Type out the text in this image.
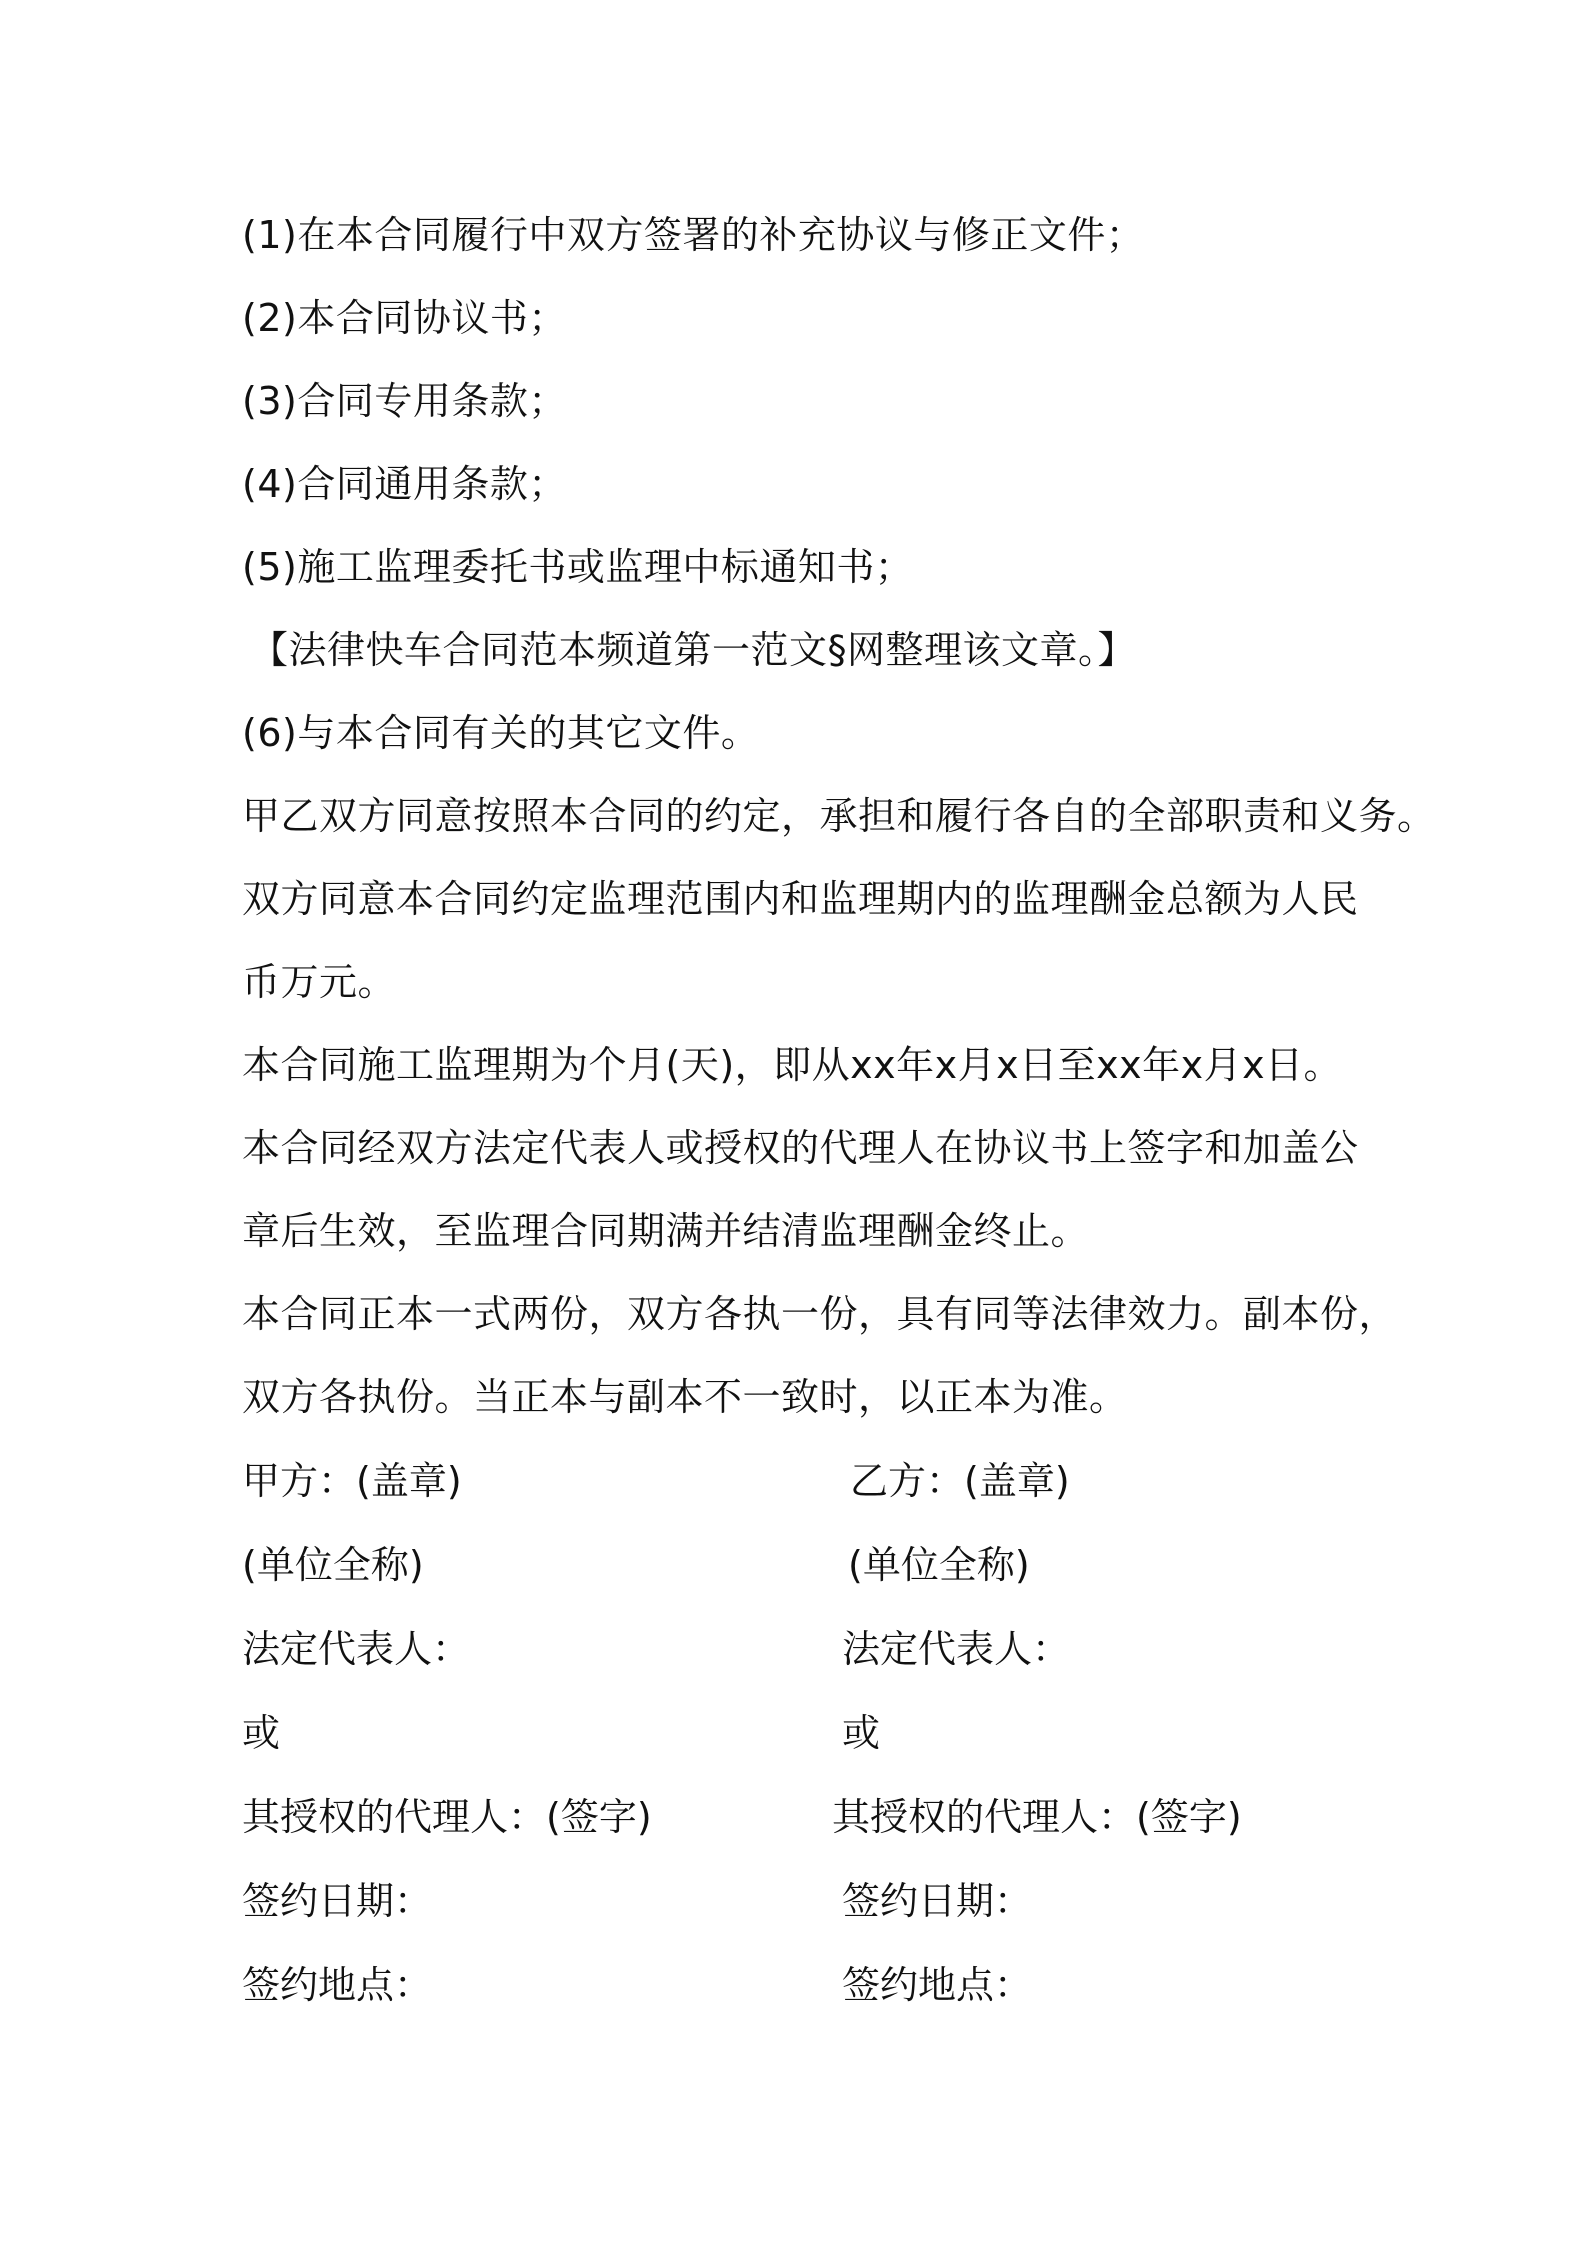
(1)在本合同履行中双方签署的补充协议与修正文件；
(2)本合同协议书；
(3)合同专用条款；
(4)合同通用条款；
(5)施工监理委托书或监理中标通知书；
【法律快车合同范本频道第一范文§网整理该文章。】
(6)与本合同有关的其它文件。
甲乙双方同意按照本合同的约定，承担和履行各自的全部职责和义务。
双方同意本合同约定监理范围内和监理期内的监理酬金总额为人民
币万元。
本合同施工监理期为个月(天)，即从xx年x月x日至xx年x月x日。
本合同经双方法定代表人或授权的代理人在协议书上签字和加盖公
章后生效，至监理合同期满并结清监理酬金终止。
本合同正本一式两份，双方各执一份，具有同等法律效力。副本份，
双方各执份。当正本与副本不一致时，以正本为准。
甲方：(盖章)	乙方：(盖章)
(单位全称)	(单位全称)
法定代表人：	法定代表人：
或	或
其授权的代理人：(签字)	其授权的代理人：(签字)
签约日期：	签约日期：
签约地点：	签约地点：
